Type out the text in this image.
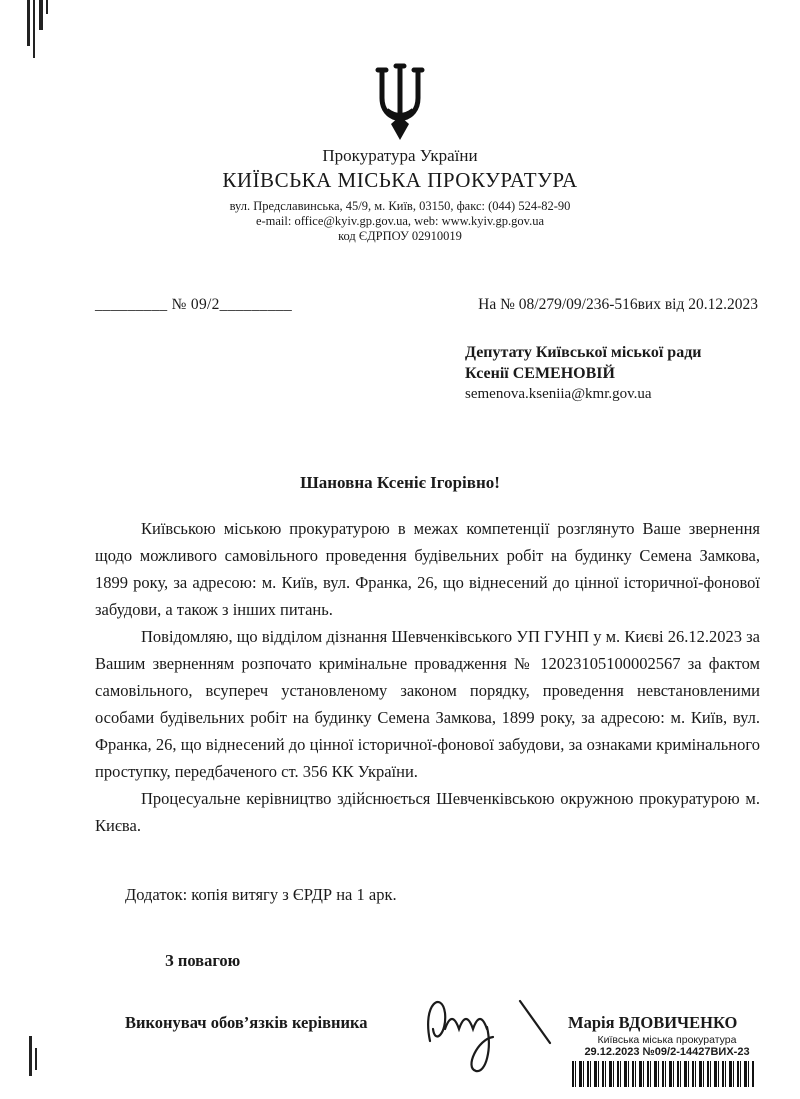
Прокуратура України

КИЇВСЬКА МІСЬКА ПРОКУРАТУРА

вул. Предславинська, 45/9, м. Київ, 03150, факс: (044) 524-82-90

e-mail: office@kyiv.gp.gov.ua, web: www.kyiv.gp.gov.ua

код ЄДРПОУ 02910019

_________ № 09/2_________	На № 08/279/09/236-516вих від 20.12.2023
Депутату Київської міської ради
Ксенії СЕМЕНОВІЙ
semenova.kseniia@kmr.gov.ua
Шановна Ксеніє Ігорівно!

Київською міською прокуратурою в межах компетенції розглянуто Ваше звернення щодо можливого самовільного проведення будівельних робіт на будинку Семена Замкова, 1899 року, за адресою: м. Київ, вул. Франка, 26, що віднесений до цінної історичної-фонової забудови, а також з інших питань.

Повідомляю, що відділом дізнання Шевченківського УП ГУНП у м. Києві 26.12.2023 за Вашим зверненням розпочато кримінальне провадження № 12023105100002567 за фактом самовільного, всупереч установленому законом порядку, проведення невстановленими особами будівельних робіт на будинку Семена Замкова, 1899 року, за адресою: м. Київ, вул. Франка, 26, що віднесений до цінної історичної-фонової забудови, за ознаками кримінального проступку, передбаченого ст. 356 КК України.

Процесуальне керівництво здійснюється Шевченківською окружною прокуратурою м. Києва.

Додаток: копія витягу з ЄРДР на 1 арк.
З повагою
Виконувач обов’язків керівника	Марія ВДОВИЧЕНКО
Київська міська прокуратура
29.12.2023 №09/2-14427ВИХ-23
